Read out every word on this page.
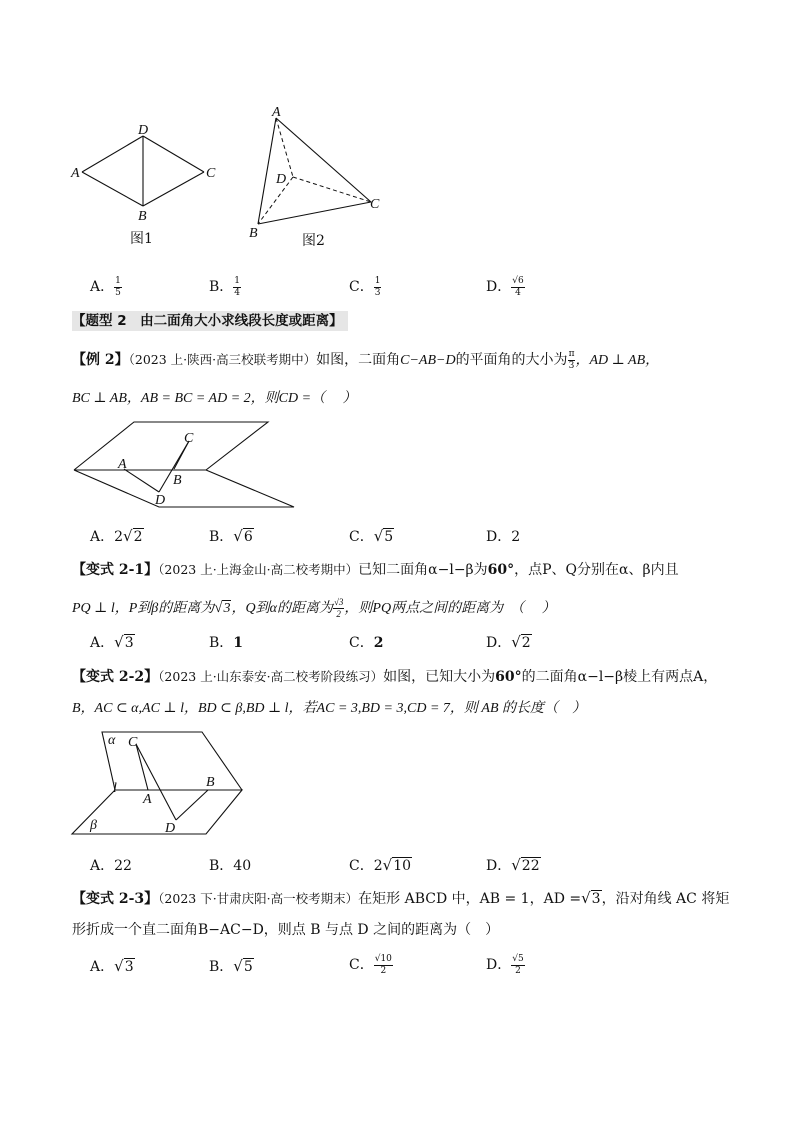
D
A	C
B
图1
A
D
C
B	图2
A． $\frac{1}{5}$	B． $\frac{1}{4}$	C． $\frac{1}{3}$	D． $\frac{√6}{4}$
【题型 2　由二面角大小求线段长度或距离】
【例 2】（2023 上·陕西·高三校联考期中）如图，二面角C−AB−D的平面角的大小为 $\frac{\pi}{3}$ ，AD ⊥ AB，
BC ⊥ AB，AB = BC = AD = 2，则CD =（　 ）
C
A
B
D
A．2√2	B．√6	C．√5	D．2
【变式 2-1】（2023 上·上海金山·高二校考期中）已知二面角α−l−β为60°，点P、Q分别在α、β内且
PQ ⊥ l，P到β的距离为√3，Q到α的距离为 $\frac{√3}{2}$ ，则PQ两点之间的距离为　（　 ）
A．√3	B．1	C．2	D．√2
【变式 2-2】（2023 上·山东泰安·高二校考阶段练习）如图，已知大小为60°的二面角α−l−β棱上有两点A，
B，AC ⊂ α,AC ⊥ l，BD ⊂ β,BD ⊥ l，若AC = 3,BD = 3,CD = 7，则 AB 的长度（　）
α C
B
l
A
β	D
A．22	B．40	C．2√10	D．√22
【变式 2-3】（2023 下·甘肃庆阳·高一校考期末）在矩形 ABCD 中，AB = 1，AD =√3，沿对角线 AC 将矩
形折成一个直二面角B−AC−D，则点 B 与点 D 之间的距离为（　）
A．√3	B．√5	C． $\frac{√10}{2}$	D． $\frac{√5}{2}$
